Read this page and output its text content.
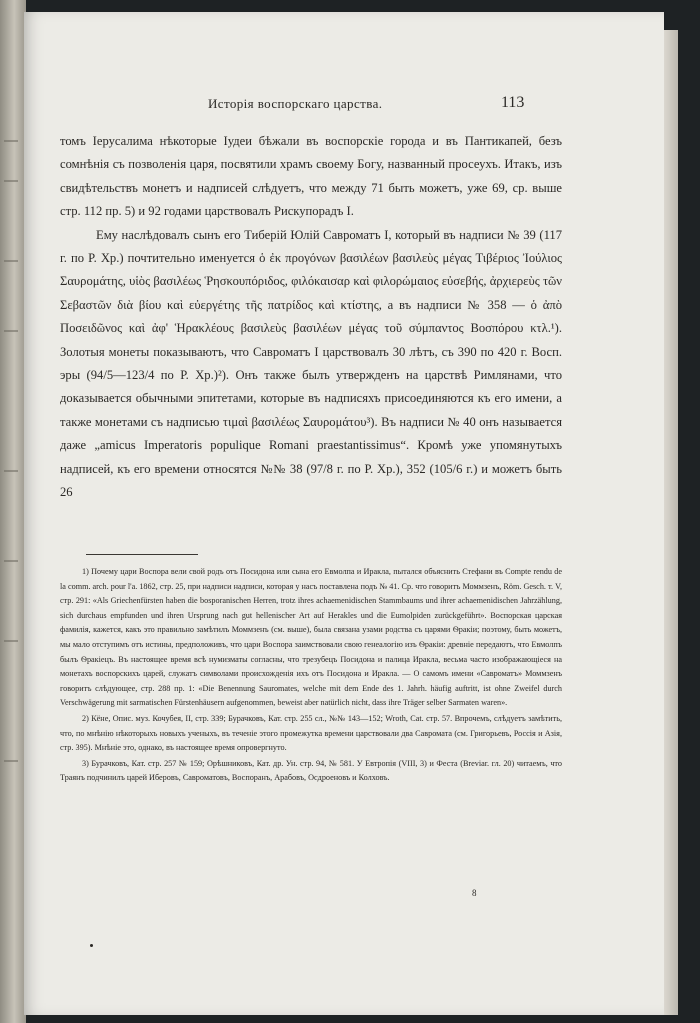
Исторія воспорскаго царства.	113

томъ Іерусалима нѣкоторые Іудеи бѣжали въ воспорскіе города и въ Пантикапей, безъ сомнѣнія съ позволенія царя, посвятили храмъ своему Богу, названный просеухъ. Итакъ, изъ свидѣтельствъ монетъ и надписей слѣдуетъ, что между 71 быть можетъ, уже 69, ср. выше стр. 112 пр. 5) и 92 годами царствовалъ Рискупорадъ I.

Ему наслѣдовалъ сынъ его Тиберій Юлій Савроматъ I, который въ надписи № 39 (117 г. по Р. Хр.) почтительно именуется ὁ ἐκ προγόνων βασιλέων βασιλεὺς μέγας Τιβέριος Ἰούλιος Σαυρομάτης, υἱὸς βασιλέως Ῥησκουπόριδος, φιλόκαισαρ καὶ φιλορώμαιος εὐσεβής, ἀρχιερεὺς τῶν Σεβαστῶν διὰ βίου καὶ εὐεργέτης τῆς πατρίδος καὶ κτίστης, а въ надписи № 358 — ὁ ἀπὸ Ποσειδῶνος καὶ ἀφ' Ἡρακλέους βασιλεὺς βασιλέων μέγας τοῦ σύμπαντος Βοσπόρου κτλ.¹). Золотыя монеты показываютъ, что Савроматъ I царствовалъ 30 лѣтъ, съ 390 по 420 г. Восп. эры (94/5—123/4 по Р. Хр.)²). Онъ также былъ утвержденъ на царствѣ Римлянами, что доказывается обычными эпитетами, которые въ надписяхъ присоединяются къ его имени, а также монетами съ надписью τιμαὶ βασιλέως Σαυρομάτου³). Въ надписи № 40 онъ называется даже „amicus Imperatoris populique Romani praestantissimus“. Кромѣ уже упомянутыхъ надписей, къ его времени относятся №№ 38 (97/8 г. по Р. Хр.), 352 (105/6 г.) и можетъ быть 26

1) Почему цари Воспора вели свой родъ отъ Посидона или сына его Евмолпа и Иракла, пытался объяснить Стефани въ Compte rendu de la comm. arch. pour l'a. 1862, стр. 25, при надписи надписи, которая у насъ поставлена подъ № 41. Ср. что говоритъ Моммзенъ, Röm. Gesch. т. V, стр. 291: «Als Griechenfürsten haben die bosporanischen Herren, trotz ihres achaemenidischen Stammbaums und ihrer achaemenidischen Jahrzählung, sich durchaus empfunden und ihren Ursprung nach gut hellenischer Art auf Herakles und die Eumolpiden zurückgeführt». Воспорская царская фамилія, кажется, какъ это правильно замѣтилъ Моммзенъ (см. выше), была связана узами родства съ царями Ѳракіи; поэтому, быть можетъ, мы мало отступимъ отъ истины, предположивъ, что цари Воспора заимствовали свою генеалогію изъ Ѳракіи: древніе передаютъ, что Евмолпъ былъ Ѳракіецъ. Въ настоящее время всѣ нумизматы согласны, что трезубецъ Посидона и палица Иракла, весьма часто изображающіеся на монетахъ воспорскихъ царей, служатъ символами происхожденія ихъ отъ Посидона и Иракла. — О самомъ имени «Савроматъ» Моммзенъ говоритъ слѣдующее, стр. 288 пр. 1: «Die Benennung Sauromates, welche mit dem Ende des 1. Jahrh. häufig auftritt, ist ohne Zweifel durch Verschwägerung mit sarmatischen Fürstenhäusern aufgenommen, beweist aber natürlich nicht, dass ihre Träger selber Sarmaten waren».

2) Кёне, Опис. муз. Кочубея, II, стр. 339; Бурачковъ, Кат. стр. 255 сл., №№ 143—152; Wroth, Cat. стр. 57. Впрочемъ, слѣдуетъ замѣтить, что, по мнѣнію нѣкоторыхъ новыхъ ученыхъ, въ теченіе этого промежутка времени царствовали два Савромата (см. Григорьевъ, Россія и Азія, стр. 395). Мнѣніе это, однако, въ настоящее время опровергнуто.

3) Бурачковъ, Кат. стр. 257 № 159; Орѣшниковъ, Кат. др. Ун. стр. 94, № 581. У Евтропія (VIII, 3) и Феста (Breviar. гл. 20) читаемъ, что Траянъ подчинилъ царей Иберовъ, Савроматовъ, Воспоранъ, Арабовъ, Осдроеновъ и Колховъ.

8
